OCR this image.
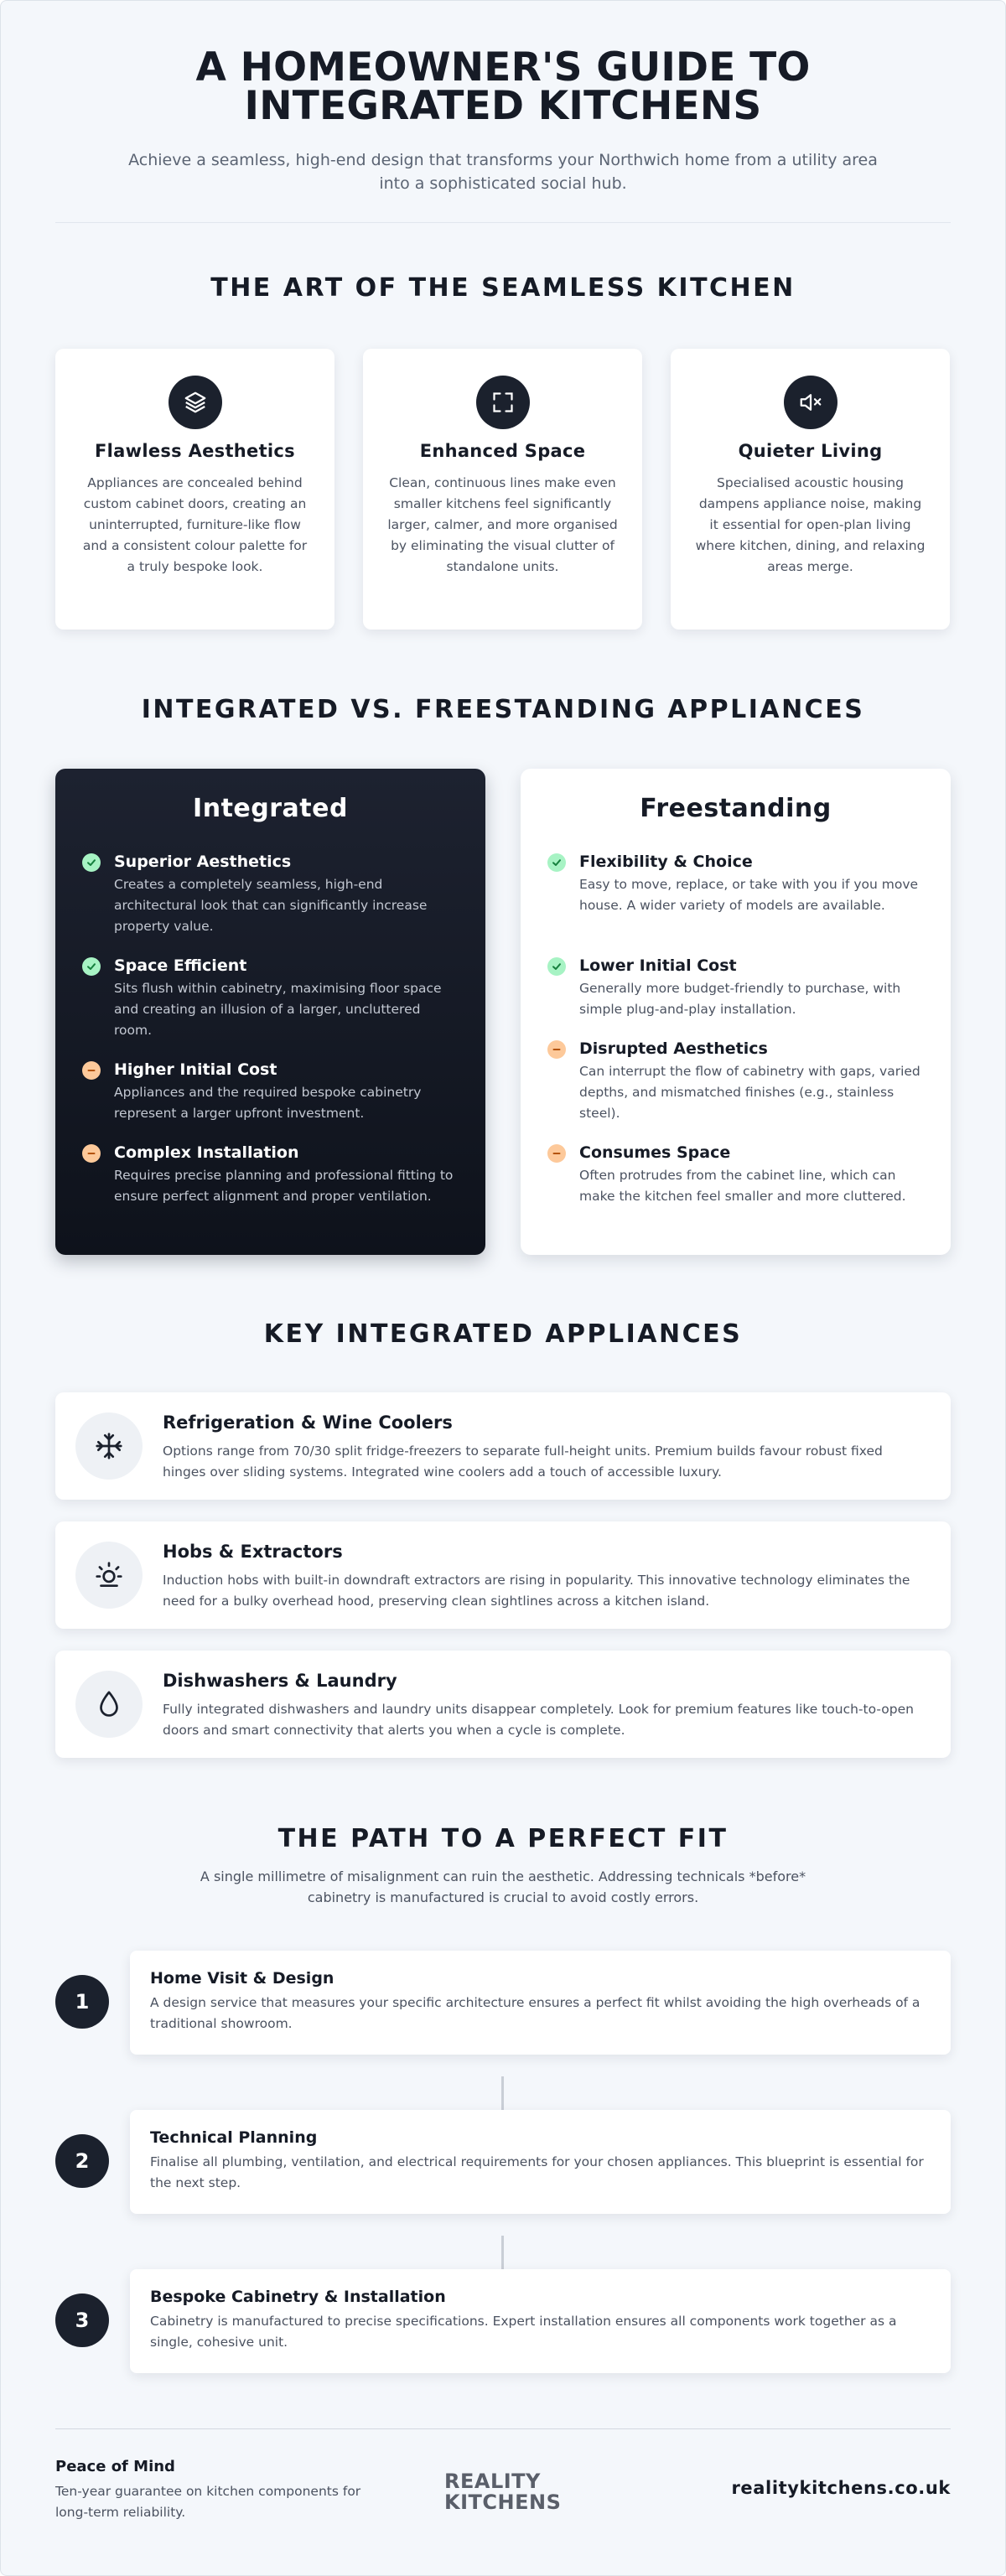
A HOMEOWNER'S GUIDE TO INTEGRATED KITCHENS

Achieve a seamless, high-end design that transforms your Northwich home from a utility area into a sophisticated social hub.

THE ART OF THE SEAMLESS KITCHEN
Flawless Aesthetics

Appliances are concealed behind custom cabinet doors, creating an uninterrupted, furniture-like flow and a consistent colour palette for a truly bespoke look.

Enhanced Space

Clean, continuous lines make even smaller kitchens feel significantly larger, calmer, and more organised by eliminating the visual clutter of standalone units.

Quieter Living

Specialised acoustic housing dampens appliance noise, making it essential for open-plan living where kitchen, dining, and relaxing areas merge.

INTEGRATED VS. FREESTANDING APPLIANCES
Integrated
Superior Aesthetics

Creates a completely seamless, high-end architectural look that can significantly increase property value.

Space Efficient

Sits flush within cabinetry, maximising floor space and creating an illusion of a larger, uncluttered room.

Higher Initial Cost

Appliances and the required bespoke cabinetry represent a larger upfront investment.

Complex Installation

Requires precise planning and professional fitting to ensure perfect alignment and proper ventilation.

Freestanding
Flexibility & Choice

Easy to move, replace, or take with you if you move house. A wider variety of models are available.

Lower Initial Cost

Generally more budget-friendly to purchase, with simple plug-and-play installation.

Disrupted Aesthetics

Can interrupt the flow of cabinetry with gaps, varied depths, and mismatched finishes (e.g., stainless steel).

Consumes Space

Often protrudes from the cabinet line, which can make the kitchen feel smaller and more cluttered.

KEY INTEGRATED APPLIANCES
Refrigeration & Wine Coolers

Options range from 70/30 split fridge-freezers to separate full-height units. Premium builds favour robust fixed hinges over sliding systems. Integrated wine coolers add a touch of accessible luxury.

Hobs & Extractors

Induction hobs with built-in downdraft extractors are rising in popularity. This innovative technology eliminates the need for a bulky overhead hood, preserving clean sightlines across a kitchen island.

Dishwashers & Laundry

Fully integrated dishwashers and laundry units disappear completely. Look for premium features like touch-to-open doors and smart connectivity that alerts you when a cycle is complete.

THE PATH TO A PERFECT FIT

A single millimetre of misalignment can ruin the aesthetic. Addressing technicals *before* cabinetry is manufactured is crucial to avoid costly errors.

1
Home Visit & Design

A design service that measures your specific architecture ensures a perfect fit whilst avoiding the high overheads of a traditional showroom.

2
Technical Planning

Finalise all plumbing, ventilation, and electrical requirements for your chosen appliances. This blueprint is essential for the next step.

3
Bespoke Cabinetry & Installation

Cabinetry is manufactured to precise specifications. Expert installation ensures all components work together as a single, cohesive unit.

Peace of Mind

Ten-year guarantee on kitchen components for long-term reliability.

REALITY
KITCHENS

realitykitchens.co.uk
